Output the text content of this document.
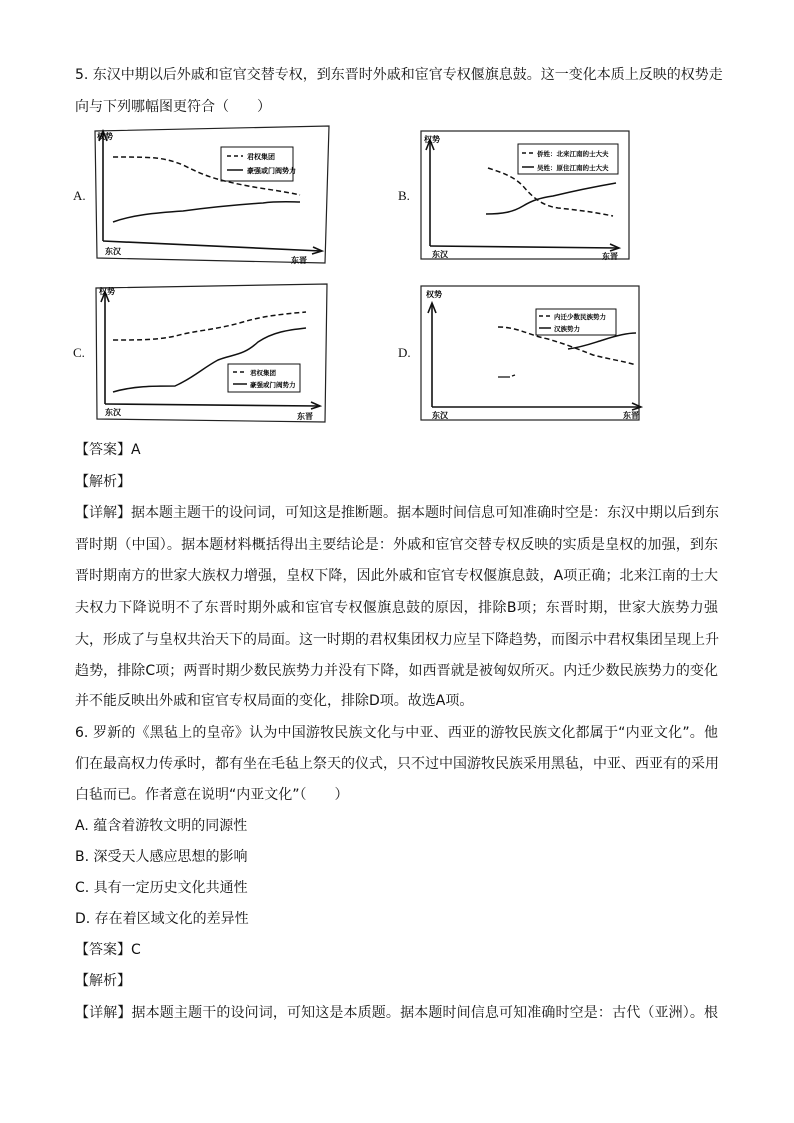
5. 东汉中期以后外戚和宦官交替专权，到东晋时外戚和宦官专权偃旗息鼓。这一变化本质上反映的权势走
向与下列哪幅图更符合（　　）
A.
权势
东汉
东晋
君权集团
豪强或门阀势力
B.
权势
东汉	东晋
侨姓：北来江南的士大夫
吴姓：原住江南的士大夫
C.
权势
东汉	东晋
君权集团
豪强或门阀势力
D.
权势
东汉	东晋
内迁少数民族势力
汉族势力
【答案】A
【解析】
【详解】据本题主题干的设问词，可知这是推断题。据本题时间信息可知准确时空是：东汉中期以后到东
晋时期（中国）。据本题材料概括得出主要结论是：外戚和宦官交替专权反映的实质是皇权的加强，到东
晋时期南方的世家大族权力增强，皇权下降，因此外戚和宦官专权偃旗息鼓，A项正确；北来江南的士大
夫权力下降说明不了东晋时期外戚和宦官专权偃旗息鼓的原因，排除B项；东晋时期，世家大族势力强
大，形成了与皇权共治天下的局面。这一时期的君权集团权力应呈下降趋势，而图示中君权集团呈现上升
趋势，排除C项；两晋时期少数民族势力并没有下降，如西晋就是被匈奴所灭。内迁少数民族势力的变化
并不能反映出外戚和宦官专权局面的变化，排除D项。故选A项。
6. 罗新的《黑毡上的皇帝》认为中国游牧民族文化与中亚、西亚的游牧民族文化都属于“内亚文化”。他
们在最高权力传承时，都有坐在毛毡上祭天的仪式，只不过中国游牧民族采用黑毡，中亚、西亚有的采用
白毡而已。作者意在说明“内亚文化”（　　）
A. 蕴含着游牧文明的同源性
B. 深受天人感应思想的影响
C. 具有一定历史文化共通性
D. 存在着区域文化的差异性
【答案】C
【解析】
【详解】据本题主题干的设问词，可知这是本质题。据本题时间信息可知准确时空是：古代（亚洲）。根
